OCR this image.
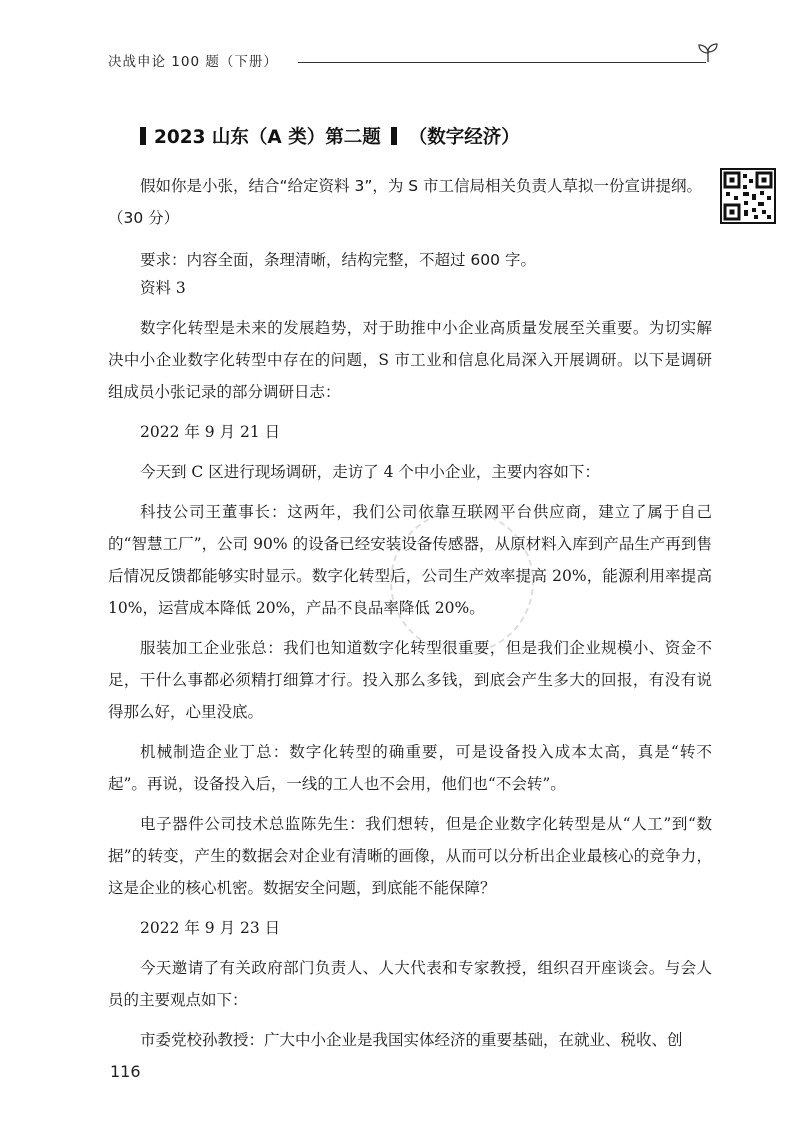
决战申论 100 题（下册）
2023 山东（A 类）第二题 （数字经济）

假如你是小张，结合“给定资料 3”，为 S 市工信局相关负责人草拟一份宣讲提纲。（30 分）

要求：内容全面，条理清晰，结构完整，不超过 600 字。

资料 3

数字化转型是未来的发展趋势，对于助推中小企业高质量发展至关重要。为切实解决中小企业数字化转型中存在的问题，S 市工业和信息化局深入开展调研。以下是调研组成员小张记录的部分调研日志：

2022 年 9 月 21 日

今天到 C 区进行现场调研，走访了 4 个中小企业，主要内容如下：

科技公司王董事长：这两年，我们公司依靠互联网平台供应商，建立了属于自己的“智慧工厂”，公司 90% 的设备已经安装设备传感器，从原材料入库到产品生产再到售后情况反馈都能够实时显示。数字化转型后，公司生产效率提高 20%，能源利用率提高 10%，运营成本降低 20%，产品不良品率降低 20%。

服装加工企业张总：我们也知道数字化转型很重要，但是我们企业规模小、资金不足，干什么事都必须精打细算才行。投入那么多钱，到底会产生多大的回报，有没有说得那么好，心里没底。

机械制造企业丁总：数字化转型的确重要，可是设备投入成本太高，真是“转不起”。再说，设备投入后，一线的工人也不会用，他们也“不会转”。

电子器件公司技术总监陈先生：我们想转，但是企业数字化转型是从“人工”到“数据”的转变，产生的数据会对企业有清晰的画像，从而可以分析出企业最核心的竞争力，这是企业的核心机密。数据安全问题，到底能不能保障？

2022 年 9 月 23 日

今天邀请了有关政府部门负责人、人大代表和专家教授，组织召开座谈会。与会人员的主要观点如下：

市委党校孙教授：广大中小企业是我国实体经济的重要基础，在就业、税收、创

116
